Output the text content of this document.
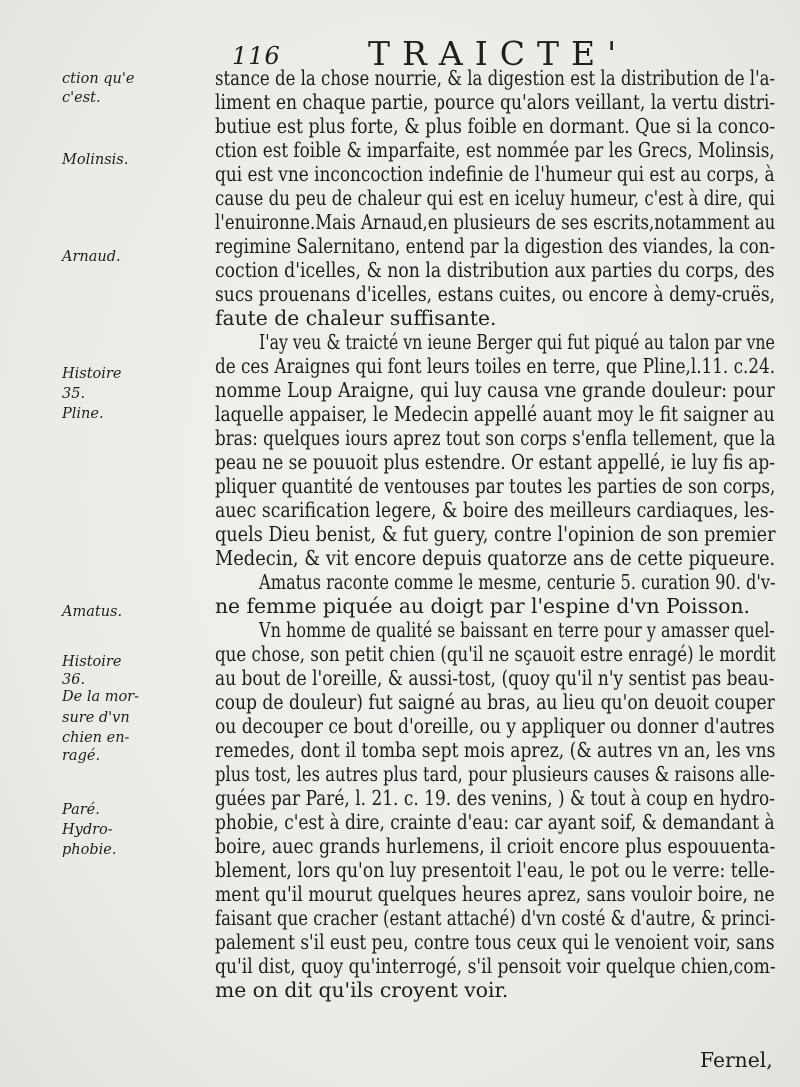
116	TRAICTE'
ction qu'e
c'est.
Molinsis.
Arnaud.
Histoire
35.
Pline.
Amatus.
Histoire
36.
De la mor-
sure d'vn
chien en-
ragé.
Paré.
Hydro-
phobie.
stance de la chose nourrie, & la digestion est la distribution de l'a-
liment en chaque partie, pource qu'alors veillant, la vertu distri-
butiue est plus forte, & plus foible en dormant. Que si la conco-
ction est foible & imparfaite, est nommée par les Grecs, Molinsis,
qui est vne inconcoction indefinie de l'humeur qui est au corps, à
cause du peu de chaleur qui est en iceluy humeur, c'est à dire, qui
l'enuironne.Mais Arnaud,en plusieurs de ses escrits,notamment au
regimine Salernitano, entend par la digestion des viandes, la con-
coction d'icelles, & non la distribution aux parties du corps, des
sucs prouenans d'icelles, estans cuites, ou encore à demy-cruës,
faute de chaleur suffisante.
I'ay veu & traicté vn ieune Berger qui fut piqué au talon par vne
de ces Araignes qui font leurs toiles en terre, que Pline,l.11. c.24.
nomme Loup Araigne, qui luy causa vne grande douleur: pour
laquelle appaiser, le Medecin appellé auant moy le fit saigner au
bras: quelques iours aprez tout son corps s'enfla tellement, que la
peau ne se pouuoit plus estendre. Or estant appellé, ie luy fis ap-
pliquer quantité de ventouses par toutes les parties de son corps,
auec scarification legere, & boire des meilleurs cardiaques, les-
quels Dieu benist, & fut guery, contre l'opinion de son premier
Medecin, & vit encore depuis quatorze ans de cette piqueure.
Amatus raconte comme le mesme, centurie 5. curation 90. d'v-
ne femme piquée au doigt par l'espine d'vn Poisson.
Vn homme de qualité se baissant en terre pour y amasser quel-
que chose, son petit chien (qu'il ne sçauoit estre enragé) le mordit
au bout de l'oreille, & aussi-tost, (quoy qu'il n'y sentist pas beau-
coup de douleur) fut saigné au bras, au lieu qu'on deuoit couper
ou decouper ce bout d'oreille, ou y appliquer ou donner d'autres
remedes, dont il tomba sept mois aprez, (& autres vn an, les vns
plus tost, les autres plus tard, pour plusieurs causes & raisons alle-
guées par Paré, l. 21. c. 19. des venins, ) & tout à coup en hydro-
phobie, c'est à dire, crainte d'eau: car ayant soif, & demandant à
boire, auec grands hurlemens, il crioit encore plus espouuenta-
blement, lors qu'on luy presentoit l'eau, le pot ou le verre: telle-
ment qu'il mourut quelques heures aprez, sans vouloir boire, ne
faisant que cracher (estant attaché) d'vn costé & d'autre, & princi-
palement s'il eust peu, contre tous ceux qui le venoient voir, sans
qu'il dist, quoy qu'interrogé, s'il pensoit voir quelque chien,com-
me on dit qu'ils croyent voir.
Fernel,
